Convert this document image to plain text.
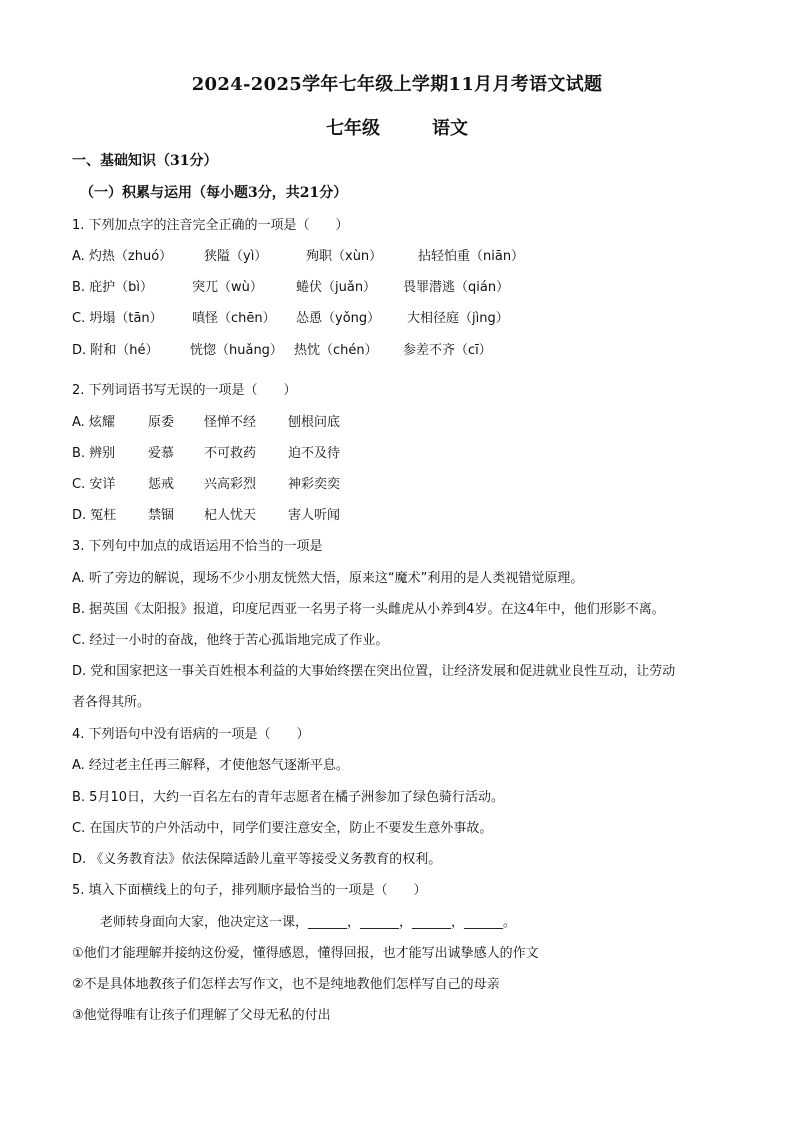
2024-2025学年七年级上学期11月月考语文试题
七年级	语文
一、基础知识（31分）
（一）积累与运用（每小题3分，共21分）
1. 下列加点字的注音完全正确的一项是（　　）
A. 灼热（zhuó） 狭隘（yì）	殉职（xùn）	拈轻怕重（niān）
B. 庇护（bì）	突兀（wù）	蜷伏（juǎn） 畏罪潜逃（qián）
C. 坍塌（tān） 嗔怪（chēn） 怂恿（yǒng） 大相径庭（jìng）
D. 附和（hé） 恍惚（huǎng） 热忱（chén） 参差不齐（cī）
2. 下列词语书写无误的一项是（　　）
A. 炫耀	原委 怪惮不经 刨根问底
B. 辨别	爱慕 不可救药 迫不及待
C. 安详	惩戒 兴高彩烈 神彩奕奕
D. 冤枉 禁锢 杞人忧天 害人听闻
3. 下列句中加点的成语运用不恰当的一项是
A. 听了旁边的解说，现场不少小朋友恍然大悟，原来这“魔术”利用的是人类视错觉原理。
B. 据英国《太阳报》报道，印度尼西亚一名男子将一头雌虎从小养到4岁。在这4年中，他们形影不离。
C. 经过一小时的奋战，他终于苦心孤诣地完成了作业。
D. 党和国家把这一事关百姓根本利益的大事始终摆在突出位置，让经济发展和促进就业良性互动，让劳动
者各得其所。
4. 下列语句中没有语病的一项是（　　）
A. 经过老主任再三解释，才使他怒气逐渐平息。
B. 5月10日，大约一百名左右的青年志愿者在橘子洲参加了绿色骑行活动。
C. 在国庆节的户外活动中，同学们要注意安全，防止不要发生意外事故。
D. 《义务教育法》依法保障适龄儿童平等接受义务教育的权利。
5. 填入下面横线上的句子，排列顺序最恰当的一项是（　　）
老师转身面向大家，他决定这一课，______，______，______，______。
①他们才能理解并接纳这份爱，懂得感恩，懂得回报，也才能写出诚挚感人的作文
②不是具体地教孩子们怎样去写作文，也不是纯地教他们怎样写自己的母亲
③他觉得唯有让孩子们理解了父母无私的付出
